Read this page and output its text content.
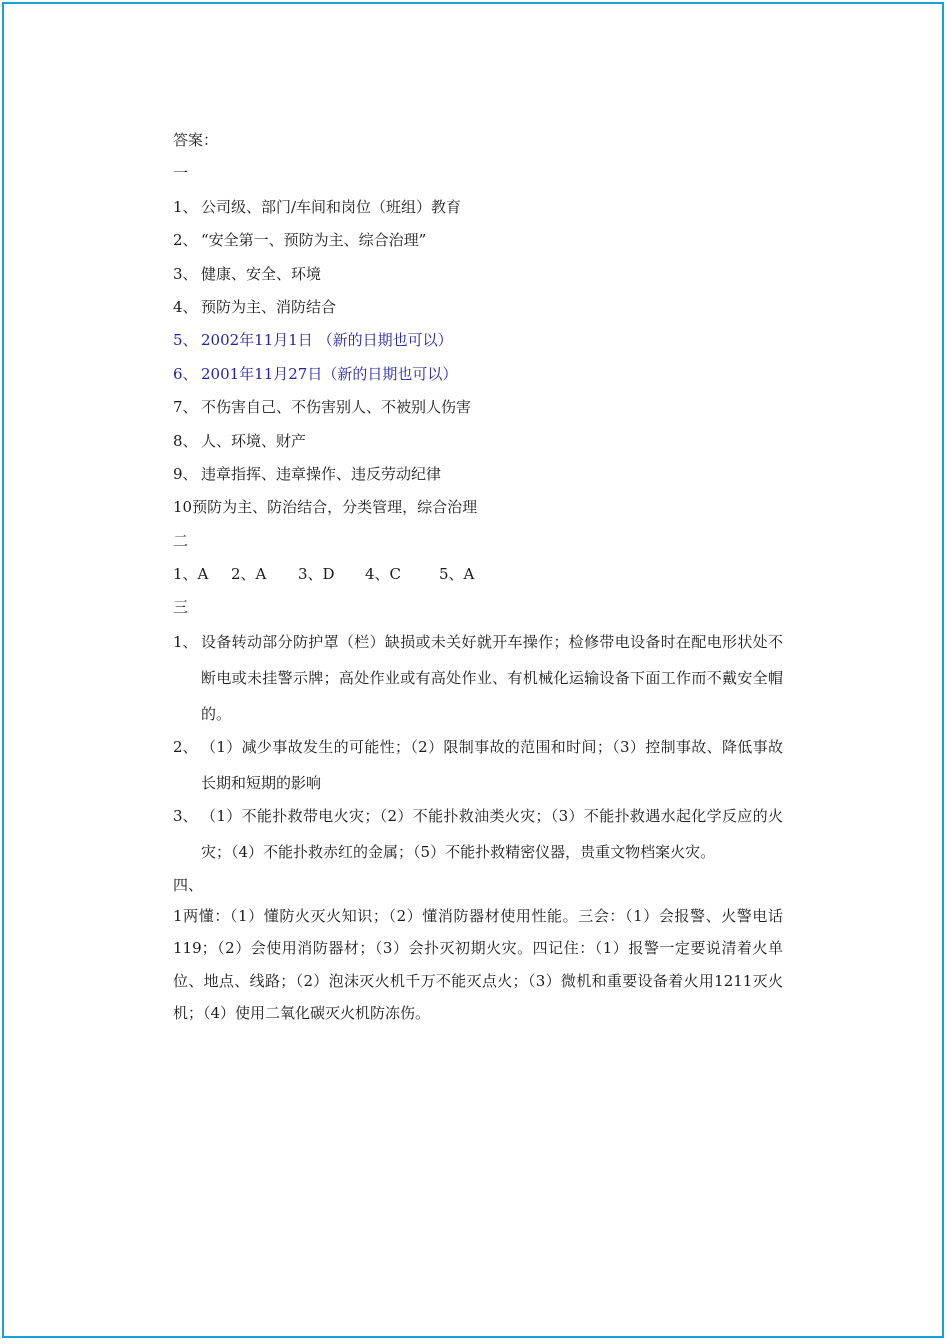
答案：
一
1、 公司级、部门/车间和岗位（班组）教育
2、 “安全第一、预防为主、综合治理”
3、 健康、安全、环境
4、 预防为主、消防结合
5、 2002年11月1日 （新的日期也可以）
6、 2001年11月27日（新的日期也可以）
7、 不伤害自己、不伤害别人、不被别人伤害
8、 人、环境、财产
9、 违章指挥、违章操作、违反劳动纪律
10预防为主、防治结合，分类管理，综合治理
二
1、A 2、A 3、D 4、C	5、A
三
1、 设备转动部分防护罩（栏）缺损或未关好就开车操作；检修带电设备时在配电形状处不断电或未挂警示牌；高处作业或有高处作业、有机械化运输设备下面工作而不戴安全帽的。
2、 （1）减少事故发生的可能性；（2）限制事故的范围和时间；（3）控制事故、降低事故长期和短期的影响
3、 （1）不能扑救带电火灾；（2）不能扑救油类火灾；（3）不能扑救遇水起化学反应的火灾；（4）不能扑救赤红的金属；（5）不能扑救精密仪器，贵重文物档案火灾。
四、
1两懂：（1）懂防火灭火知识；（2）懂消防器材使用性能。三会：（1）会报警、火警电话119；（2）会使用消防器材；（3）会扑灭初期火灾。四记住：（1）报警一定要说清着火单位、地点、线路；（2）泡沫灭火机千万不能灭点火；（3）微机和重要设备着火用1211灭火机；（4）使用二氧化碳灭火机防冻伤。
